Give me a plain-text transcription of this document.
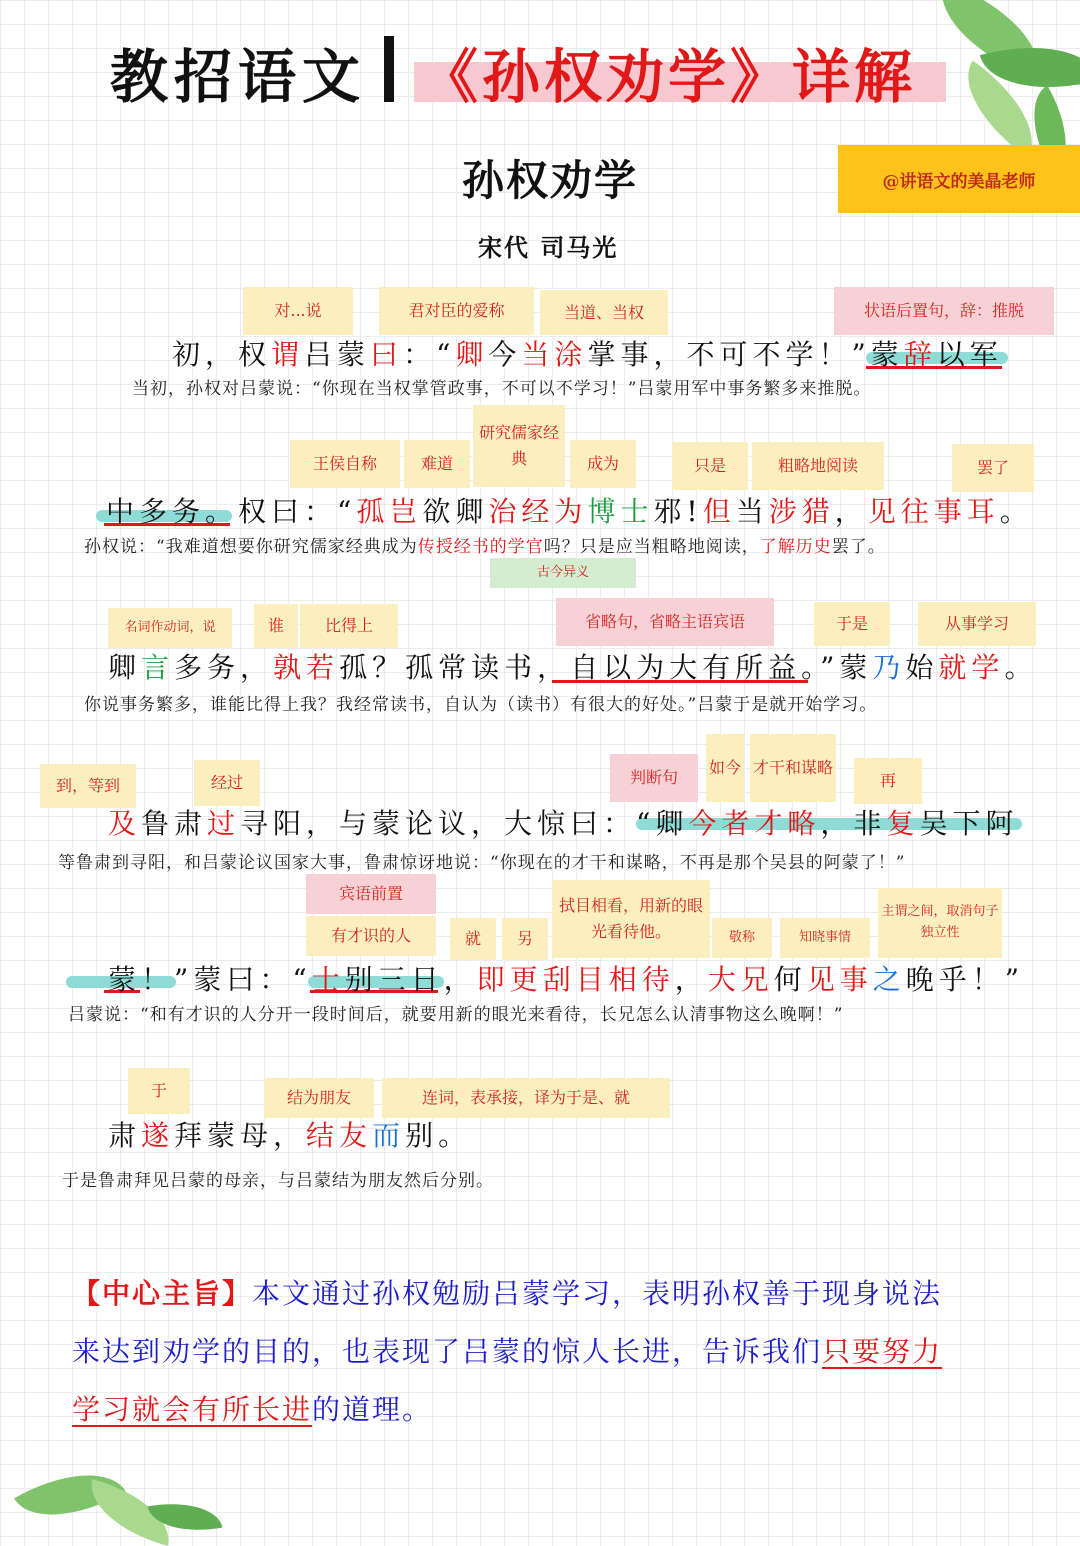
教招语文 《孙权劝学》详解
@讲语文的美晶老师
孙权劝学
宋代 司马光
对...说	君对臣的爱称	当道、当权	状语后置句，辞：推脱
初，权谓吕蒙曰：“卿今当涂掌事，不可不学！”蒙辞以军
当初，孙权对吕蒙说：“你现在当权掌管政事，不可以不学习！”吕蒙用军中事务繁多来推脱。
王侯自称	难道
研究儒家经典	成为	只是	粗略地阅读	罢了
中多务。权曰：“孤岂欲卿治经为博士邪!但当涉猎，见往事耳。
孙权说：“我难道想要你研究儒家经典成为传授经书的学官吗？只是应当粗略地阅读，了解历史罢了。
古今异义
名词作动词，说	谁	比得上	省略句，省略主语宾语	于是	从事学习
卿言多务，孰若孤？孤常读书，自以为大有所益。”蒙乃始就学。
你说事务繁多，谁能比得上我？我经常读书，自认为（读书）有很大的好处。”吕蒙于是就开始学习。
到，等到	经过	判断句
如今 才干和谋略
再
及鲁肃过寻阳，与蒙论议，大惊曰：“卿今者才略，非复吴下阿
等鲁肃到寻阳，和吕蒙论议国家大事，鲁肃惊讶地说：“你现在的才干和谋略，不再是那个吴县的阿蒙了！”
宾语前置
有才识的人	就	另
拭目相看，用新的眼光看待他。	敬称	知晓事情
主谓之间，取消句子独立性
蒙！”蒙曰：“士别三日，即更刮目相待，大兄何见事之晚乎！”
吕蒙说：“和有才识的人分开一段时间后，就要用新的眼光来看待，长兄怎么认清事物这么晚啊！”
于	结为朋友	连词，表承接，译为于是、就
肃遂拜蒙母，结友而别。
于是鲁肃拜见吕蒙的母亲，与吕蒙结为朋友然后分别。
【中心主旨】本文通过孙权勉励吕蒙学习，表明孙权善于现身说法
来达到劝学的目的，也表现了吕蒙的惊人长进，告诉我们只要努力
学习就会有所长进的道理。
